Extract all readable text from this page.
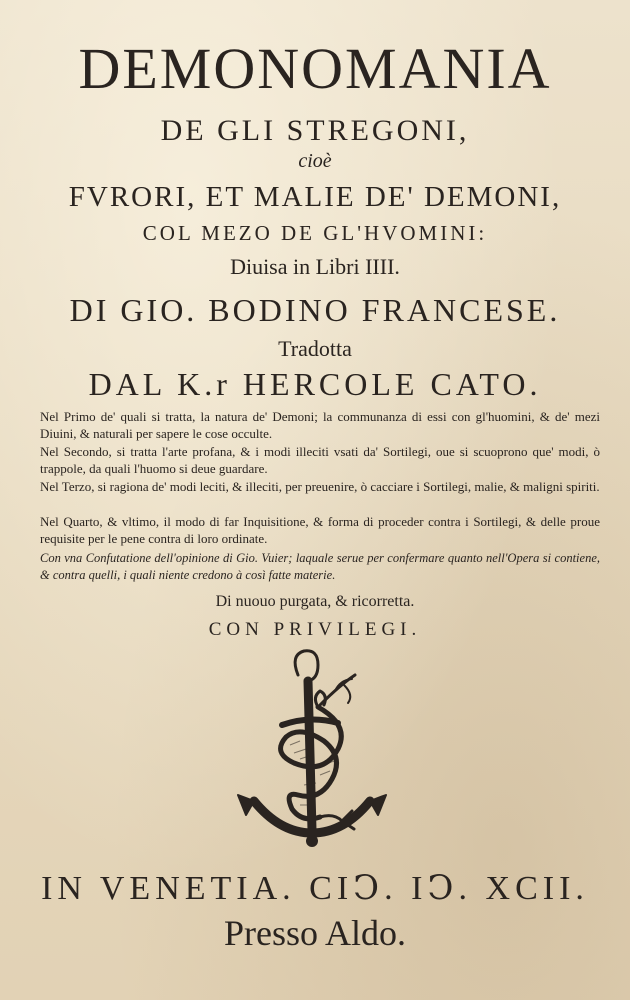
DEMONOMANIA
DE GLI STREGONI,
cioè
FVRORI, ET MALIE DE' DEMONI,
COL MEZO DE GL'HVOMINI:
Diuisa in Libri IIII.
DI GIO. BODINO FRANCESE.
Tradotta
DAL K.r HERCOLE CATO.
Nel Primo de' quali si tratta, la natura de' Demoni; la communanza di essi con gl'huomini, & de' mezi Diuini, & naturali per sapere le cose occulte.
Nel Secondo, si tratta l'arte profana, & i modi illeciti vsati da' Sortilegi, oue si scuoprono que' modi, ò trappole, da quali l'huomo si deue guardare.
Nel Terzo, si ragiona de' modi leciti, & illeciti, per preuenire, ò cacciare i Sortilegi, malie, & maligni spiriti.
Nel Quarto, & vltimo, il modo di far Inquisitione, & forma di proceder contra i Sortilegi, & delle proue requisite per le pene contra di loro ordinate.
Con vna Confutatione dell'opinione di Gio. Vuier; laquale serue per confermare quanto nell'Opera si contiene, & contra quelli, i quali niente credono à così fatte materie.
Di nuouo purgata, & ricorretta.
CON PRIVILEGI.
IN VENETIA. CIↃ. IↃ. XCII.
Presso Aldo.
